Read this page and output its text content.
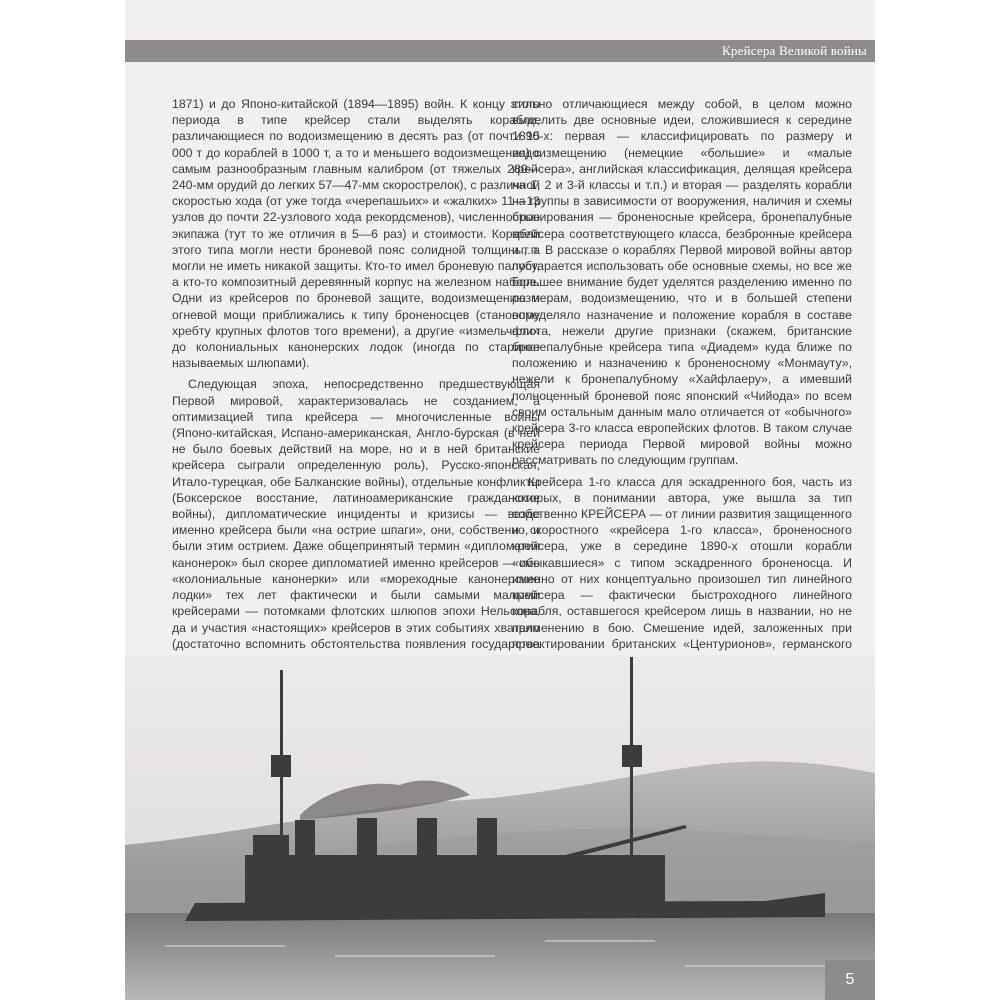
Крейсера Великой войны

1871) и до Японо-китайской (1894—1895) войн. К концу этого периода в типе крейсер стали выделять корабли, различающиеся по водоизмещению в десять раз (от почти 15 000 т до кораблей в 1000 т, а то и меньшего водоизмещения) с самым разнообразным главным калибром (от тяжелых 280—240-мм орудий до легких 57—47-мм скорострелок), с различной скоростью хода (от уже тогда «черепашьих» и «жалких» 11—13 узлов до почти 22-узлового хода рекордсменов), численностью экипажа (тут то же отличия в 5—6 раз) и стоимости. Корабли этого типа могли нести броневой пояс солидной толщины, а могли не иметь никакой защиты. Кто-то имел броневую палубу, а кто-то композитный деревянный корпус на железном наборе. Одни из крейсеров по броневой защите, водоизмещению и огневой мощи приближались к типу броненосцев (становому хребту крупных флотов того времени), а другие «измельчали» до колониальных канонерских лодок (иногда по старинке называемых шлюпами).

Следующая эпоха, непосредственно предшествующая Первой мировой, характеризовалась не созданием, а оптимизацией типа крейсера — многочисленные войны (Японо-китайская, Испано-американская, Англо-бурская (в ней не было боевых действий на море, но и в ней британские крейсера сыграли определенную роль), Русско-японская, Итало-турецкая, обе Балканские войны), отдельные конфликты (Боксерское восстание, латиноамериканские гражданские войны), дипломатические инциденты и кризисы — везде именно крейсера были «на острие шпаги», они, собственно, и были этим острием. Даже общепринятый термин «дипломатия канонерок» был скорее дипломатией именно крейсеров — ибо «колониальные канонерки» или «мореходные канонерские лодки» тех лет фактически и были самыми малыми крейсерами — потомками флотских шлюпов эпохи Нельсона, да и участия «настоящих» крейсеров в этих событиях хватало (достаточно вспомнить обстоятельства появления государства

сильно отличающиеся между собой, в целом можно выделить две основные идеи, сложившиеся к середине 1890-х: первая — классифицировать по размеру и водоизмещению (немецкие «большие» и «малые крейсера», английская классификация, делящая крейсера на 1, 2 и 3-й классы и т.п.) и вторая — разделять корабли на группы в зависимости от вооружения, наличия и схемы бронирования — броненосные крейсера, бронепалубные крейсера соответствующего класса, безбронные крейсера и т.п. В рассказе о кораблях Первой мировой войны автор постарается использовать обе основные схемы, но все же большее внимание будет уделятся разделению именно по размерам, водоизмещению, что и в большей степени определяло назначение и положение корабля в составе флота, нежели другие признаки (скажем, британские бронепалубные крейсера типа «Диадем» куда ближе по положению и назначению к броненосному «Монмауту», нежели к бронепалубному «Хайфлаеру», а имевший полноценный броневой пояс японский «Чийода» по всем своим остальным данным мало отличается от «обычного» крейсера 3-го класса европейских флотов. В таком случае крейсера периода Первой мировой войны можно рассматривать по следующим группам.

Крейсера 1-го класса для эскадренного боя, часть из которых, в понимании автора, уже вышла за тип собственно КРЕЙСЕРА — от линии развития защищенного и скоростного «крейсера 1-го класса», броненосного крейсера, уже в середине 1890-х отошли корабли «смыкавшиеся» с типом эскадренного броненосца. И именно от них концептуально произошел тип линейного крейсера — фактически быстроходного линейного корабля, оставшегося крейсером лишь в названии, но не применению в бою. Смешение идей, заложенных при проектировании британских «Центурионов», германского

5
